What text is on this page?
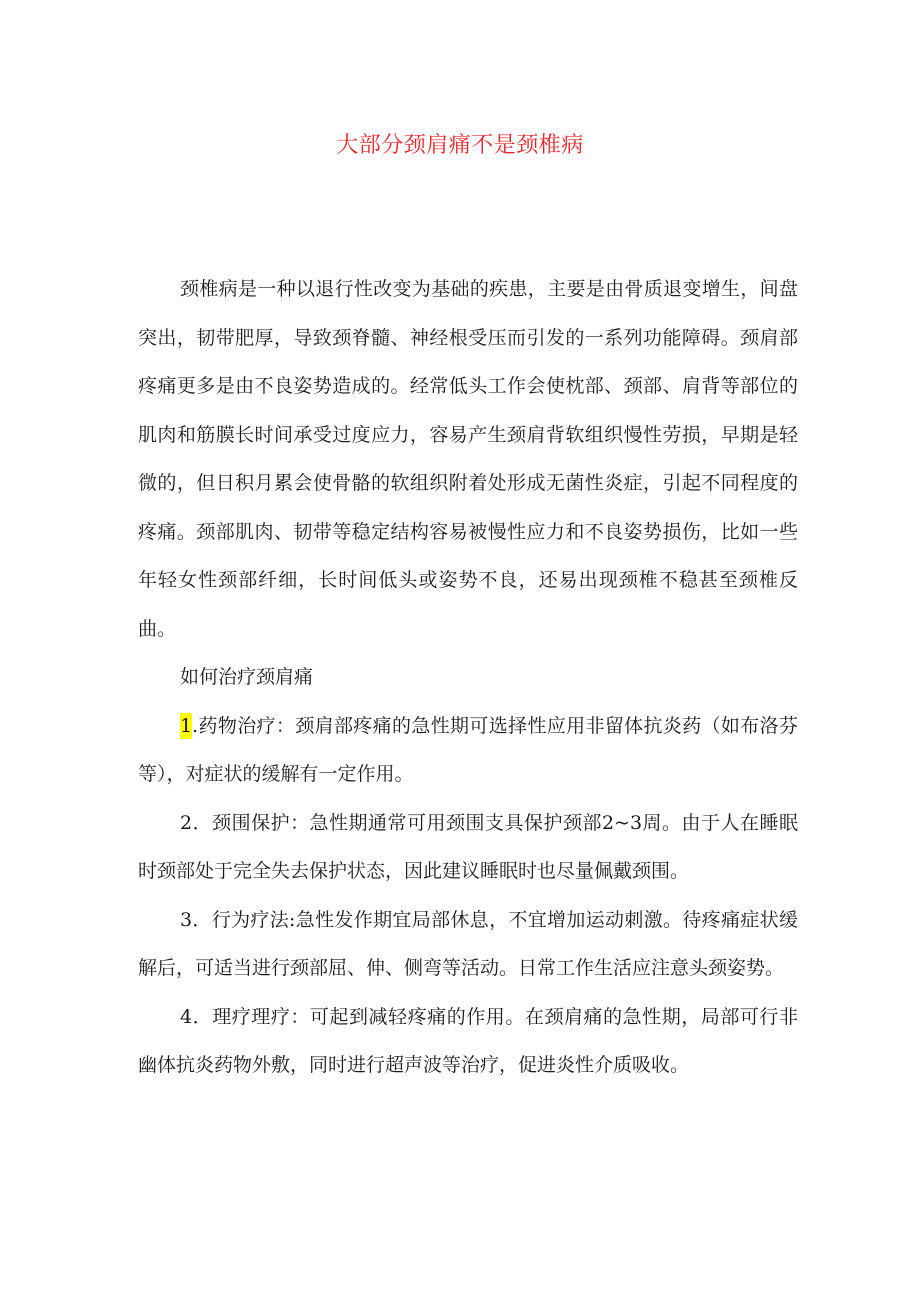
大部分颈肩痛不是颈椎病

颈椎病是一种以退行性改变为基础的疾患，主要是由骨质退变增生，间盘突出，韧带肥厚，导致颈脊髓、神经根受压而引发的一系列功能障碍。颈肩部疼痛更多是由不良姿势造成的。经常低头工作会使枕部、颈部、肩背等部位的肌肉和筋膜长时间承受过度应力，容易产生颈肩背软组织慢性劳损，早期是轻微的，但日积月累会使骨骼的软组织附着处形成无菌性炎症，引起不同程度的疼痛。颈部肌肉、韧带等稳定结构容易被慢性应力和不良姿势损伤，比如一些年轻女性颈部纤细，长时间低头或姿势不良，还易出现颈椎不稳甚至颈椎反曲。

如何治疗颈肩痛

1.药物治疗：颈肩部疼痛的急性期可选择性应用非留体抗炎药（如布洛芬等），对症状的缓解有一定作用。

2．颈围保护：急性期通常可用颈围支具保护颈部2~3周。由于人在睡眠时颈部处于完全失去保护状态，因此建议睡眠时也尽量佩戴颈围。

3．行为疗法:急性发作期宜局部休息，不宜增加运动刺激。待疼痛症状缓解后，可适当进行颈部屈、伸、侧弯等活动。日常工作生活应注意头颈姿势。

4．理疗理疗：可起到减轻疼痛的作用。在颈肩痛的急性期，局部可行非幽体抗炎药物外敷，同时进行超声波等治疗，促进炎性介质吸收。
